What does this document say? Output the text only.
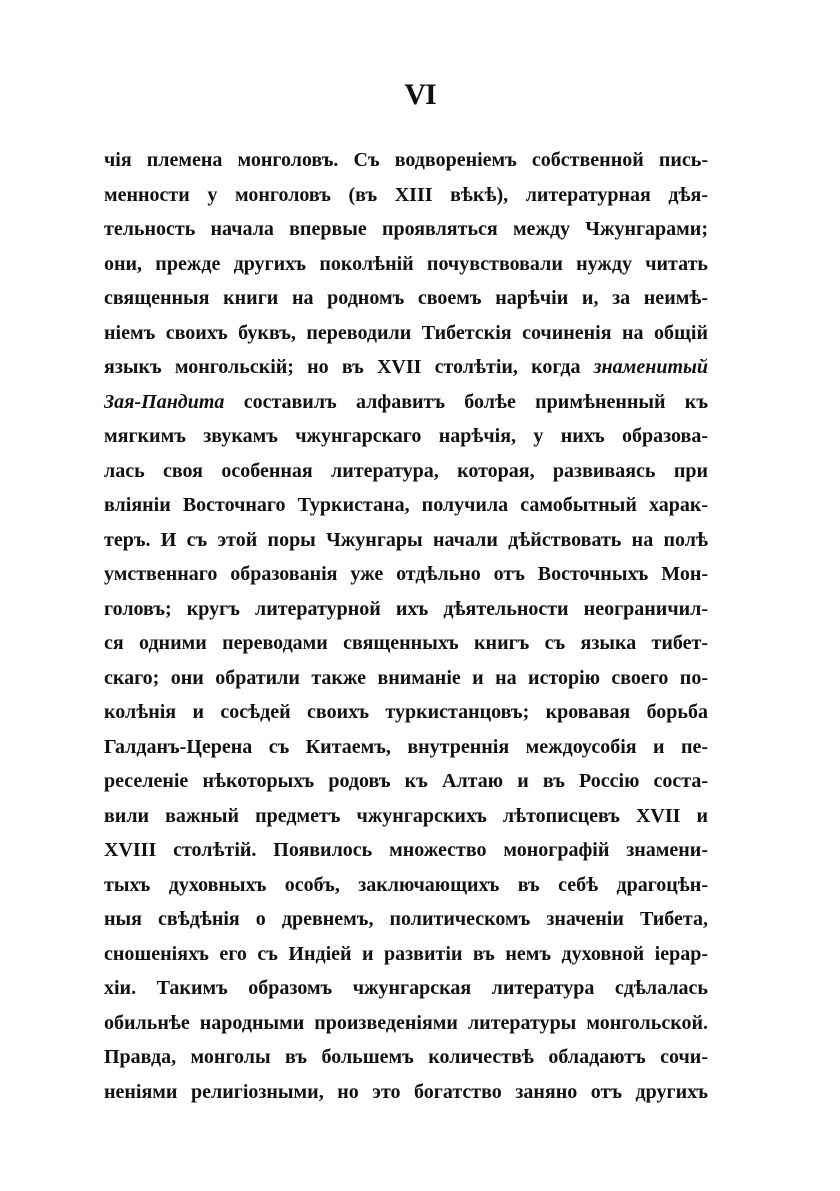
VI
чія племена монголовъ. Съ водвореніемъ собственной пись-
менности у монголовъ (въ XIII вѣкѣ), литературная дѣя-
тельность начала впервые проявляться между Чжунгарами;
они, прежде другихъ поколѣній почувствовали нужду читать
священныя книги на родномъ своемъ нарѣчіи и, за неимѣ-
ніемъ своихъ буквъ, переводили Тибетскія сочиненія на общій
языкъ монгольскій; но въ XVII столѣтіи, когда знаменитый
Зая-Пандита составилъ алфавитъ болѣе примѣненный къ
мягкимъ звукамъ чжунгарскаго нарѣчія, у нихъ образова-
лась своя особенная литература, которая, развиваясь при
вліяніи Восточнаго Туркистана, получила самобытный харак-
теръ. И съ этой поры Чжунгары начали дѣйствовать на полѣ
умственнаго образованія уже отдѣльно отъ Восточныхъ Мон-
головъ; кругъ литературной ихъ дѣятельности неограничил-
ся одними переводами священныхъ книгъ съ языка тибет-
скаго; они обратили также вниманіе и на исторію своего по-
колѣнія и сосѣдей своихъ туркистанцовъ; кровавая борьба
Галданъ-Церена съ Китаемъ, внутреннія междоусобія и пе-
реселеніе нѣкоторыхъ родовъ къ Алтаю и въ Россію соста-
вили важный предметъ чжунгарскихъ лѣтописцевъ XVII и
XVIII столѣтій. Появилось множество монографій знамени-
тыхъ духовныхъ особъ, заключающихъ въ себѣ драгоцѣн-
ныя свѣдѣнія о древнемъ, политическомъ значеніи Тибета,
сношеніяхъ его съ Индіей и развитіи въ немъ духовной іерар-
хіи. Такимъ образомъ чжунгарская литература сдѣлалась
обильнѣе народными произведеніями литературы монгольской.
Правда, монголы въ большемъ количествѣ обладаютъ сочи-
неніями религіозными, но это богатство заняно отъ другихъ
